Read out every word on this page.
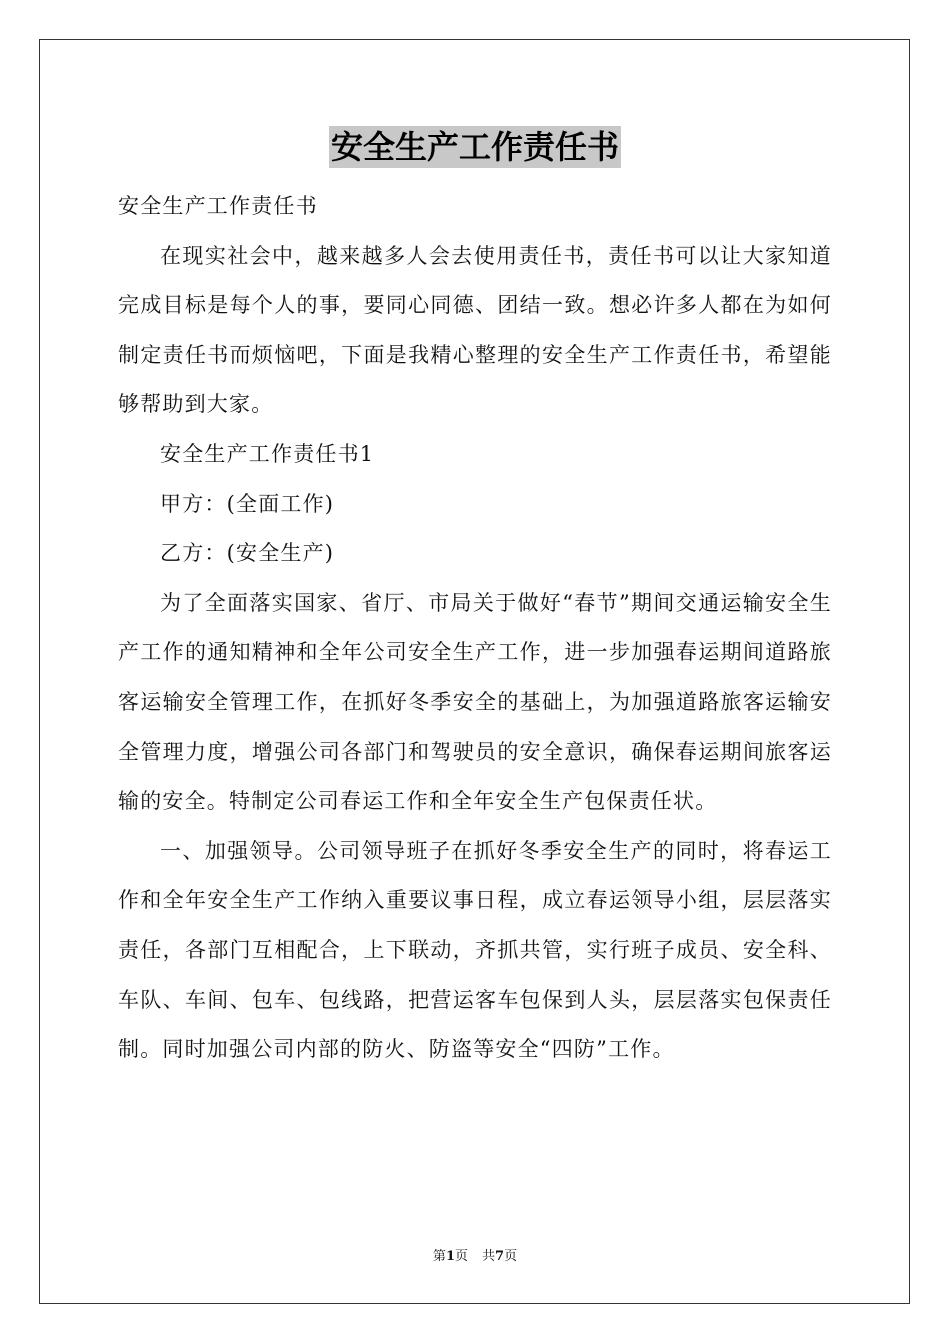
安全生产工作责任书

安全生产工作责任书

在现实社会中，越来越多人会去使用责任书，责任书可以让大家知道完成目标是每个人的事，要同心同德、团结一致。想必许多人都在为如何制定责任书而烦恼吧，下面是我精心整理的安全生产工作责任书，希望能够帮助到大家。

安全生产工作责任书1

甲方：(全面工作)

乙方：(安全生产)

为了全面落实国家、省厅、市局关于做好“春节”期间交通运输安全生产工作的通知精神和全年公司安全生产工作，进一步加强春运期间道路旅客运输安全管理工作，在抓好冬季安全的基础上，为加强道路旅客运输安全管理力度，增强公司各部门和驾驶员的安全意识，确保春运期间旅客运输的安全。特制定公司春运工作和全年安全生产包保责任状。

一、加强领导。公司领导班子在抓好冬季安全生产的同时，将春运工作和全年安全生产工作纳入重要议事日程，成立春运领导小组，层层落实责任，各部门互相配合，上下联动，齐抓共管，实行班子成员、安全科、车队、车间、包车、包线路，把营运客车包保到人头，层层落实包保责任制。同时加强公司内部的防火、防盗等安全“四防”工作。

第1页 共7页
